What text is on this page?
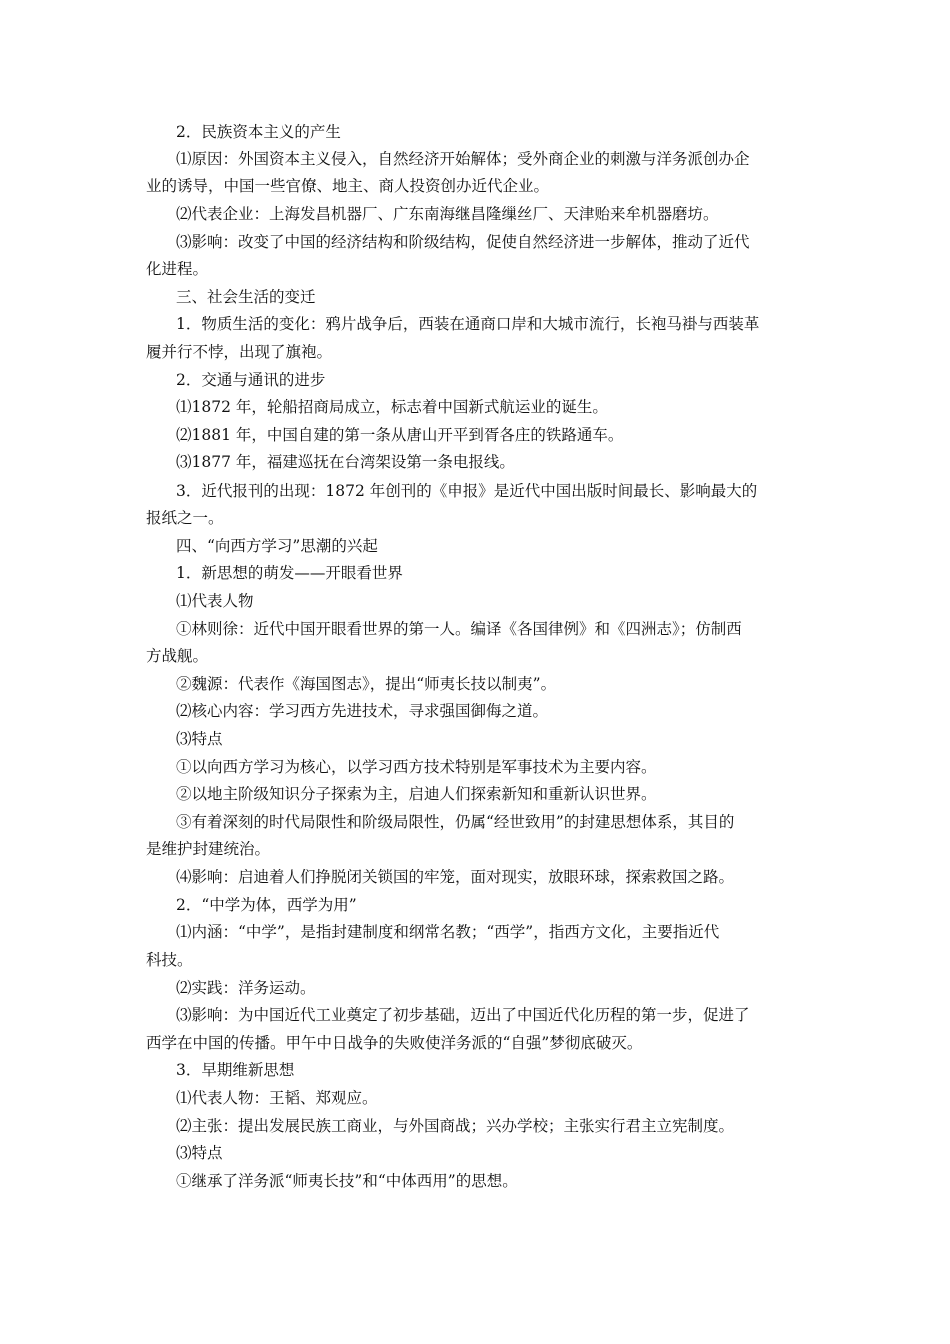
2．民族资本主义的产生
⑴原因：外国资本主义侵入，自然经济开始解体；受外商企业的刺激与洋务派创办企
业的诱导，中国一些官僚、地主、商人投资创办近代企业。
⑵代表企业：上海发昌机器厂、广东南海继昌隆缫丝厂、天津贻来牟机器磨坊。
⑶影响：改变了中国的经济结构和阶级结构，促使自然经济进一步解体，推动了近代
化进程。
三、社会生活的变迁
1．物质生活的变化：鸦片战争后，西装在通商口岸和大城市流行，长袍马褂与西装革
履并行不悖，出现了旗袍。
2．交通与通讯的进步
⑴1872 年，轮船招商局成立，标志着中国新式航运业的诞生。
⑵1881 年，中国自建的第一条从唐山开平到胥各庄的铁路通车。
⑶1877 年，福建巡抚在台湾架设第一条电报线。
3．近代报刊的出现：1872 年创刊的《申报》是近代中国出版时间最长、影响最大的
报纸之一。
四、“向西方学习”思潮的兴起
1．新思想的萌发——开眼看世界
⑴代表人物
①林则徐：近代中国开眼看世界的第一人。编译《各国律例》和《四洲志》；仿制西
方战舰。
②魏源：代表作《海国图志》，提出“师夷长技以制夷”。
⑵核心内容：学习西方先进技术，寻求强国御侮之道。
⑶特点
①以向西方学习为核心，以学习西方技术特别是军事技术为主要内容。
②以地主阶级知识分子探索为主，启迪人们探索新知和重新认识世界。
③有着深刻的时代局限性和阶级局限性，仍属“经世致用”的封建思想体系，其目的
是维护封建统治。
⑷影响：启迪着人们挣脱闭关锁国的牢笼，面对现实，放眼环球，探索救国之路。
2．“中学为体，西学为用”
⑴内涵：“中学”，是指封建制度和纲常名教；“西学”，指西方文化，主要指近代
科技。
⑵实践：洋务运动。
⑶影响：为中国近代工业奠定了初步基础，迈出了中国近代化历程的第一步，促进了
西学在中国的传播。甲午中日战争的失败使洋务派的“自强”梦彻底破灭。
3．早期维新思想
⑴代表人物：王韬、郑观应。
⑵主张：提出发展民族工商业，与外国商战；兴办学校；主张实行君主立宪制度。
⑶特点
①继承了洋务派“师夷长技”和“中体西用”的思想。
